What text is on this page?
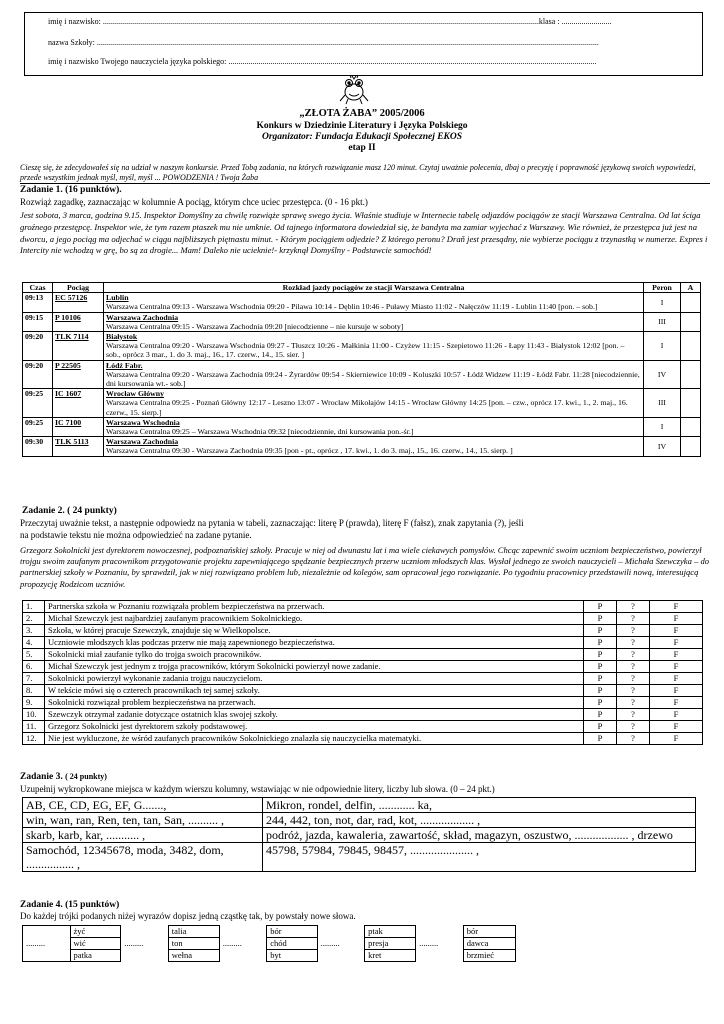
imię i nazwisko: ..........................................................................................................................................................................................................................klasa : .........................
nazwa Szkoły: ...........................................................................................................................................................................................................................................................
imię i nazwisko Twojego nauczyciela języka polskiego: ........................................................................................................................................................................................
„ZŁOTA ŻABA” 2005/2006
Konkurs w Dziedzinie Literatury i Języka Polskiego
Organizator: Fundacja Edukacji Społecznej EKOS
etap II
Cieszę się, że zdecydowałeś się na udział w naszym konkursie. Przed Tobą zadania, na których rozwiązanie masz 120 minut. Czytaj uważnie polecenia, dbaj o precyzję i poprawność językową swoich wypowiedzi, przede wszystkim jednak myśl, myśl, myśl ... POWODZENIA ! Twoja Żaba
Zadanie 1. (16 punktów).
Rozwiąż zagadkę, zaznaczając w kolumnie A pociąg, którym chce uciec przestępca. (0 - 16 pkt.)
Jest sobota, 3 marca, godzina 9.15. Inspektor Domyślny za chwilę rozwiąże sprawę swego życia. Właśnie studiuje w Internecie tabelę odjazdów pociągów ze stacji Warszawa Centralna. Od lat ściga groźnego przestępcę. Inspektor wie, że tym razem ptaszek mu nie umknie. Od tajnego informatora dowiedział się, że bandyta ma zamiar wyjechać z Warszawy. Wie również, że przestępca już jest na dworcu, a jego pociąg ma odjechać w ciągu najbliższych piętnastu minut. - Którym pociągiem odjedzie? Z którego peronu? Draň jest przesądny, nie wybierze pociągu z trzynastką w numerze. Expres i Intercity nie wchodzą w grę, bo są za drogie... Mam! Daleko nie ucieknie!- krzyknął Domyślny - Podstawcie samochód!
Czas	Pociąg	Rozkład jazdy pociągów ze stacji Warszawa Centralna	Peron	A
09:13	EC 57126	Lublin
Warszawa Centralna 09:13 - Warszawa Wschodnia 09:20 - Pilawa 10:14 - Dęblin 10:46 - Puławy Miasto 11:02 - Nałęczów 11:19 - Lublin 11:40 [pon. – sob.]	I	
09:15	P 10106	Warszawa Zachodnia
Warszawa Centralna 09:15 - Warszawa Zachodnia 09:20 [niecodzienne – nie kursuje w soboty]	III	
09:20	TLK 7114	Białystok
Warszawa Centralna 09:20 - Warszawa Wschodnia 09:27 - Tłuszcz 10:26 - Małkinia 11:00 - Czyżew 11:15 - Szepietowo 11:26 - Łapy 11:43 - Białystok 12:02 [pon. – sob., oprócz 3 mar., 1. do 3. maj., 16., 17. czerw., 14., 15. sier. ]	I	
09:20	P 22505	Łódź Fabr.
Warszawa Centralna 09:20 - Warszawa Zachodnia 09:24 - Żyrardów 09:54 - Skierniewice 10:09 - Koluszki 10:57 - Łódź Widzew 11:19 - Łódź Fabr. 11:28 [niecodziennie, dni kursowania wt.- sob.]	IV	
09:25	IC 1607	Wrocław Główny
Warszawa Centralna 09:25 - Poznań Główny 12:17 - Leszno 13:07 - Wrocław Mikołajów 14:15 - Wrocław Główny 14:25 [pon. – czw., oprócz 17. kwi., 1., 2. maj., 16. czerw., 15. sierp.]	III	
09:25	IC 7100	Warszawa Wschodnia
Warszawa Centralna 09:25 – Warszawa Wschodnia 09:32 [niecodziennie, dni kursowania pon.-śr.]	I	
09:30	TLK 5113	Warszawa Zachodnia
Warszawa Centralna 09:30 - Warszawa Zachodnia 09:35 [pon - pt., oprócz , 17. kwi., 1. do 3. maj., 15., 16. czerw., 14., 15. sierp. ]	IV	
Zadanie 2. ( 24 punkty)
Przeczytaj uważnie tekst, a następnie odpowiedz na pytania w tabeli, zaznaczając: literę P (prawda), literę F (fałsz), znak zapytania (?), jeśli
na podstawie tekstu nie można odpowiedzieć na zadane pytanie.
Grzegorz Sokolnicki jest dyrektorem nowoczesnej, podpoznańskiej szkoły. Pracuje w niej od dwunastu lat i ma wiele ciekawych pomysłów. Chcąc zapewnić swoim uczniom bezpieczeństwo, powierzył trojgu swoim zaufanym pracownikom przygotowanie projektu zapewniającego spędzanie bezpiecznych przerw uczniom młodszych klas. Wysłał jednego ze swoich nauczycieli – Michała Szewczyka – do partnerskiej szkoły w Poznaniu, by sprawdził, jak w niej rozwiązano problem lub, niezależnie od kolegów, sam opracował jego rozwiązanie. Po tygodniu pracownicy przedstawili nową, interesującą propozycję Rodzicom uczniów.
1.	Partnerska szkoła w Poznaniu rozwiązała problem bezpieczeństwa na przerwach.	P	?	F
2.	Michał Szewczyk jest najbardziej zaufanym pracownikiem Sokolnickiego.	P	?	F
3.	Szkoła, w której pracuje Szewczyk, znajduje się w Wielkopolsce.	P	?	F
4.	Uczniowie młodszych klas podczas przerw nie mają zapewnionego bezpieczeństwa.	P	?	F
5.	Sokolnicki miał zaufanie tylko do trojga swoich pracowników.	P	?	F
6.	Michał Szewczyk jest jednym z trojga pracowników, którym Sokolnicki powierzył nowe zadanie.	P	?	F
7.	Sokolnicki powierzył wykonanie zadania trojgu nauczycielom.	P	?	F
8.	W tekście mówi się o czterech pracownikach tej samej szkoły.	P	?	F
9.	Sokolnicki rozwiązał problem bezpieczeństwa na przerwach.	P	?	F
10.	Szewczyk otrzymał zadanie dotyczące ostatnich klas swojej szkoły.	P	?	F
11.	Grzegorz Sokolnicki jest dyrektorem szkoły podstawowej.	P	?	F
12.	Nie jest wykluczone, że wśród zaufanych pracowników Sokolnickiego znalazła się nauczycielka matematyki.	P	?	F
Zadanie 3. ( 24 punkty)
Uzupełnij wykropkowane miejsca w każdym wierszu kolumny, wstawiając w nie odpowiednie litery, liczby lub słowa. (0 – 24 pkt.)
AB, CE, CD, EG, EF, G.......,	Mikron, rondel, delfin, ............ ka,
win, wan, ran, Ren, ten, tan, San, .......... ,	244, 442, ton, not, dar, rad, kot, .................. ,
skarb, karb, kar, ........... ,	podróż, jazda, kawaleria, zawartość, skład, magazyn, oszustwo, .................. , drzewo
Samochód, 12345678, moda, 3482, dom, ................ ,	45798, 57984, 79845, 98457, ..................... ,
Zadanie 4. (15 punktów)
Do każdej trójki podanych niżej wyrazów dopisz jedną cząstkę tak, by powstały nowe słowa.
.........	żyć	.........	talia	.........	bór	.........	ptak	.........	bór
	wić		ton		chód		presja		dawca
	patka		wełna		byt		kret		brzmieć
